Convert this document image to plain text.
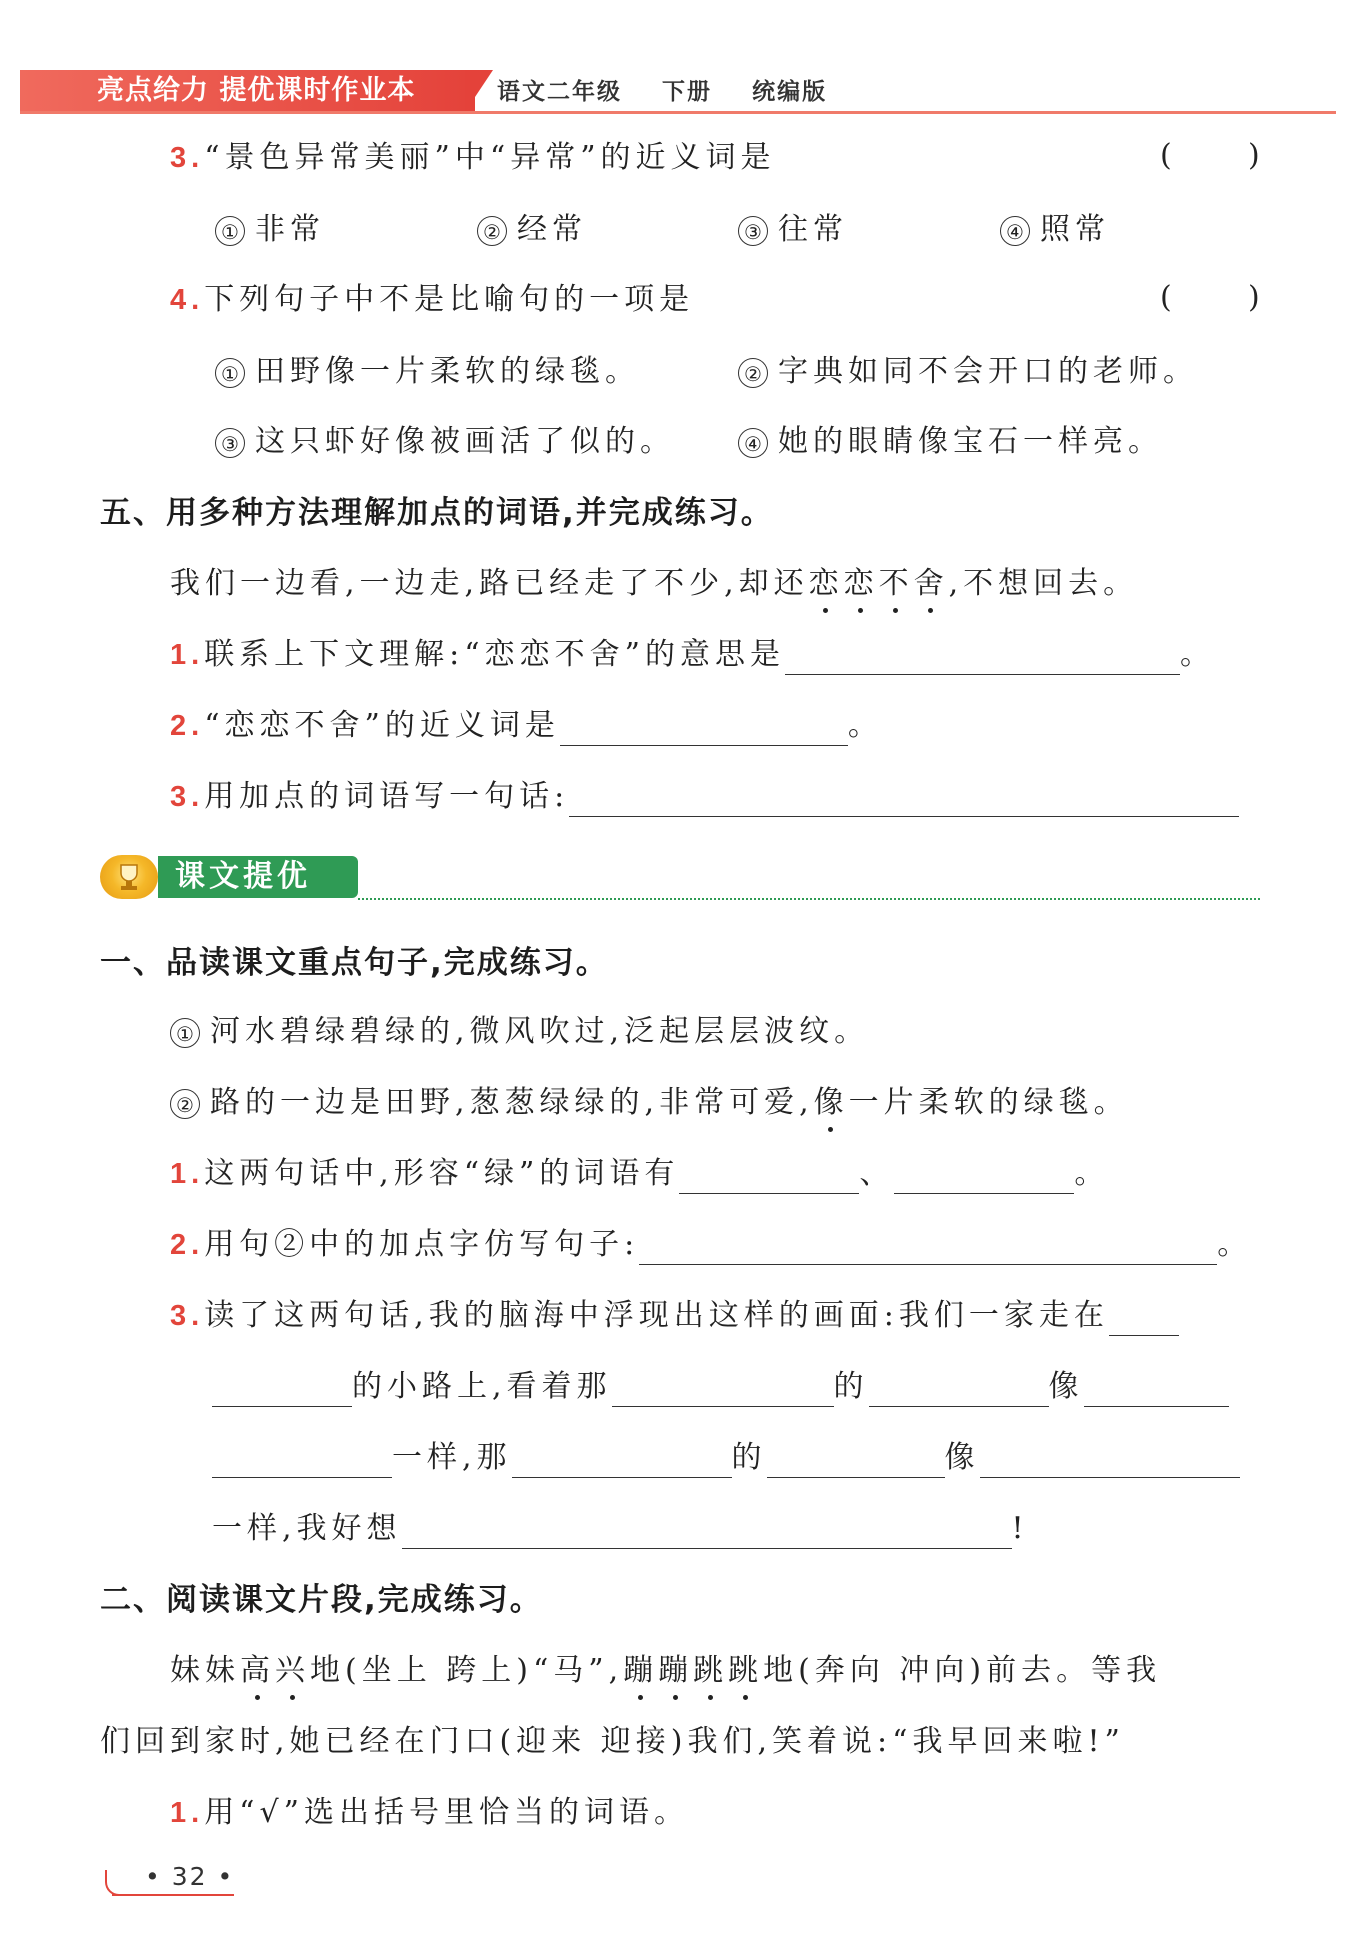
亮点给力 提优课时作业本	语文二年级 下册 统编版
3.“景色异常美丽”中“异常”的近义词是	(	)
① 非常	② 经常	③ 往常	④ 照常
4.下列句子中不是比喻句的一项是	(	)
① 田野像一片柔软的绿毯。	② 字典如同不会开口的老师。
③ 这只虾好像被画活了似的。	④ 她的眼睛像宝石一样亮。
五、用多种方法理解加点的词语,并完成练习。
我们一边看,一边走,路已经走了不少,却还恋恋不舍,不想回去。
1.联系上下文理解:“恋恋不舍”的意思是	。
2.“恋恋不舍”的近义词是	。
3.用加点的词语写一句话:
课文提优
一、品读课文重点句子,完成练习。
① 河水碧绿碧绿的,微风吹过,泛起层层波纹。
② 路的一边是田野,葱葱绿绿的,非常可爱,像一片柔软的绿毯。
1.这两句话中,形容“绿”的词语有	、	。
2.用句②中的加点字仿写句子:	。
3.读了这两句话,我的脑海中浮现出这样的画面:我们一家走在
的小路上,看着那	的	像
一样,那	的	像
一样,我好想	!
二、阅读课文片段,完成练习。
妹妹高兴地(坐上 跨上)“马”,蹦蹦跳跳地(奔向 冲向)前去。等我
们回到家时,她已经在门口(迎来 迎接)我们,笑着说:“我早回来啦!”
1.用“√”选出括号里恰当的词语。
• 32 •
